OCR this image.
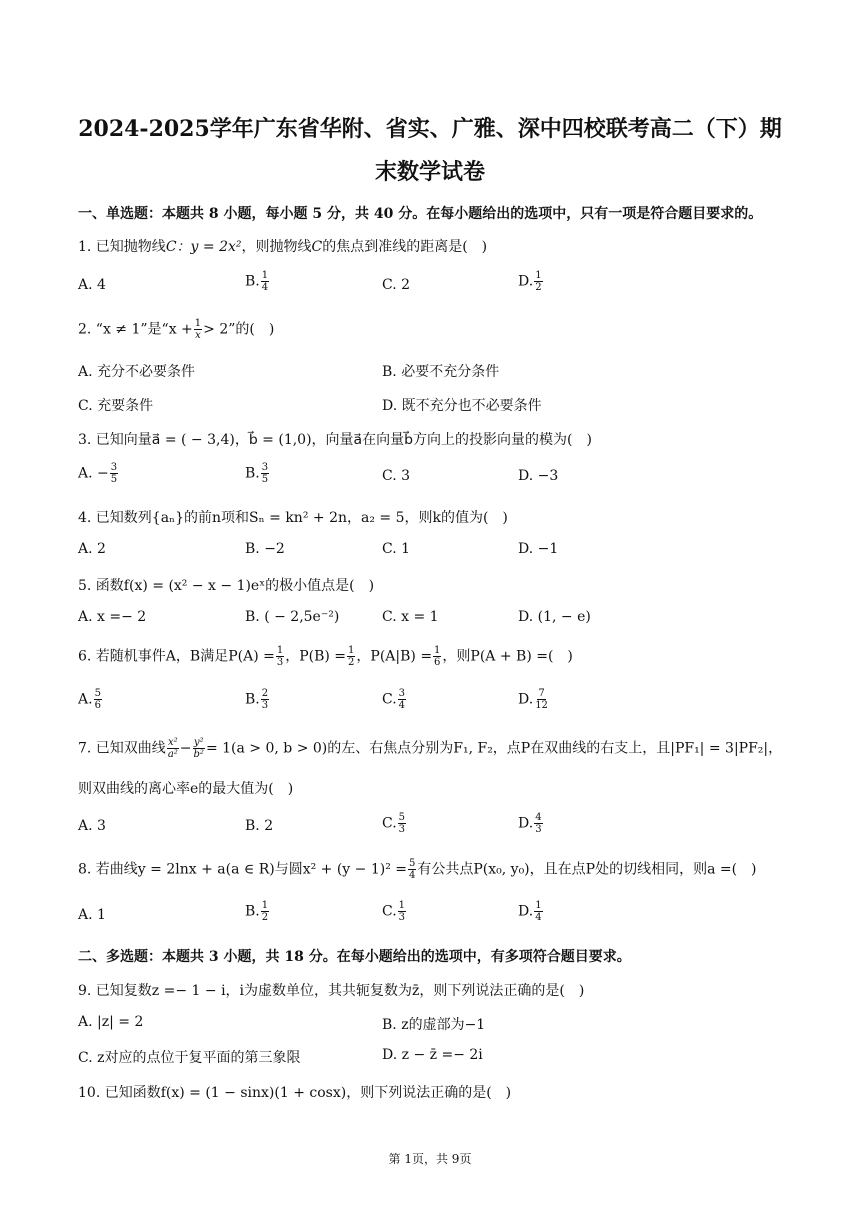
2024-2025学年广东省华附、省实、广雅、深中四校联考高二（下）期
末数学试卷
一、单选题：本题共 8 小题，每小题 5 分，共 40 分。在每小题给出的选项中，只有一项是符合题目要求的。
1. 已知抛物线C：y = 2x²，则抛物线C的焦点到准线的距离是(　)
A. 4	B. $\frac{1}{4}$	C. 2	D. $\frac{1}{2}$
2. “x ≠ 1”是“$x + \frac{1}{x} > 2$”的(　)
A. 充分不必要条件	B. 必要不充分条件
C. 充要条件	D. 既不充分也不必要条件
3. 已知向量a⃗ = ( − 3,4)，b⃗ = (1,0)，向量a⃗在向量b⃗方向上的投影向量的模为(　)
A. − $\frac{3}{5}$	B. $\frac{3}{5}$	C. 3	D. −3
4. 已知数列{aₙ}的前n项和Sₙ = kn² + 2n，a₂ = 5，则k的值为(　)
A. 2	B. −2	C. 1	D. −1
5. 函数f(x) = (x² − x − 1)eˣ的极小值点是(　)
A. x =− 2	B. ( − 2,5e⁻²)	C. x = 1	D. (1, − e)
6. 若随机事件A，B满足$P(A) = \frac{1}{3}$ ，$P(B) = \frac{1}{2}$ ，$P(A|B) = \frac{1}{6}$ ，则P(A + B) =(　)
A. $\frac{5}{6}$	B. $\frac{2}{3}$	C. $\frac{3}{4}$	D. $\frac{7}{12}$
7. 已知双曲线 $\frac{\text{x²}}{\text{a²}} - \frac{\text{y²}}{\text{b²}} = 1(a > 0$, b > 0)的左、右焦点分别为F₁, F₂，点P在双曲线的右支上，且|PF₁| = 3|PF₂|，
则双曲线的离心率e的最大值为(　)
A. 3	B. 2	C. $\frac{5}{3}$	D. $\frac{4}{3}$
8. 若曲线y = 2lnx + a(a ∈ R)与圆$x^2 + (y - 1)^2 = \frac{5}{4}$ 有公共点P(x₀, y₀)，且在点P处的切线相同，则a =(　)
A. 1	B. $\frac{1}{2}$	C. $\frac{1}{3}$	D. $\frac{1}{4}$
二、多选题：本题共 3 小题，共 18 分。在每小题给出的选项中，有多项符合题目要求。
9. 已知复数z =− 1 − i，i为虚数单位，其共轭复数为z̄，则下列说法正确的是(　)
A. |z| = 2	B. z的虚部为−1
C. z对应的点位于复平面的第三象限	D. z − z̄ =− 2i
10. 已知函数f(x) = (1 − sinx)(1 + cosx)，则下列说法正确的是(　)
第 1页，共 9页
